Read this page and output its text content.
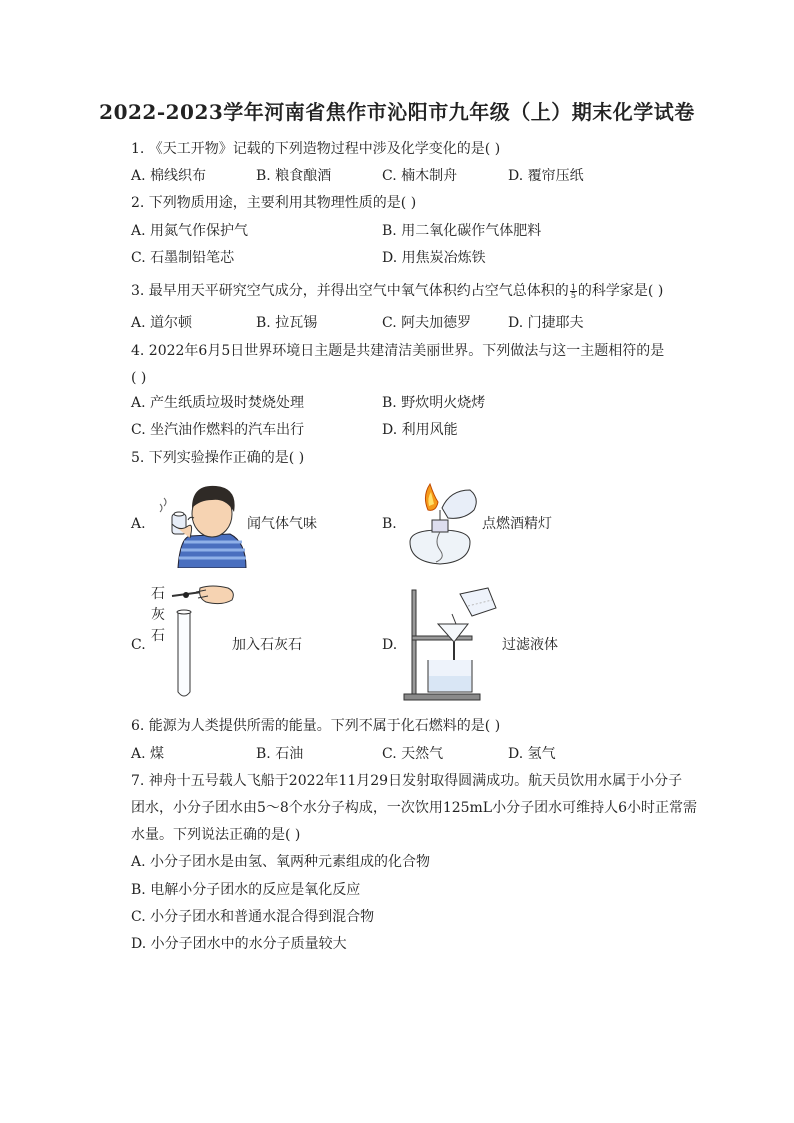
2022-2023学年河南省焦作市沁阳市九年级（上）期末化学试卷
1. 《天工开物》记载的下列造物过程中涉及化学变化的是( )
A. 棉线织布	B. 粮食酿酒	C. 楠木制舟	D. 覆帘压纸
2. 下列物质用途，主要利用其物理性质的是( )
A. 用氮气作保护气	B. 用二氧化碳作气体肥料
C. 石墨制铅笔芯	D. 用焦炭冶炼铁
3. 最早用天平研究空气成分，并得出空气中氧气体积约占空气总体积的 $\frac{1}{5}$ 的科学家是( )
A. 道尔顿	B. 拉瓦锡	C. 阿夫加德罗	D. 门捷耶夫
4. 2022年6月5日世界环境日主题是共建清洁美丽世界。下列做法与这一主题相符的是
( )
A. 产生纸质垃圾时焚烧处理	B. 野炊明火烧烤
C. 坐汽油作燃料的汽车出行	D. 利用风能
5. 下列实验操作正确的是( )
A.	闻气体气味	B.	点燃酒精灯
石
灰
石
C.	加入石灰石	D.	过滤液体
6. 能源为人类提供所需的能量。下列不属于化石燃料的是( )
A. 煤	B. 石油	C. 天然气	D. 氢气
7. 神舟十五号载人飞船于2022年11月29日发射取得圆满成功。航天员饮用水属于小分子
团水，小分子团水由5～8个水分子构成，一次饮用125mL小分子团水可维持人6小时正常需
水量。下列说法正确的是( )
A. 小分子团水是由氢、氧两种元素组成的化合物
B. 电解小分子团水的反应是氧化反应
C. 小分子团水和普通水混合得到混合物
D. 小分子团水中的水分子质量较大
